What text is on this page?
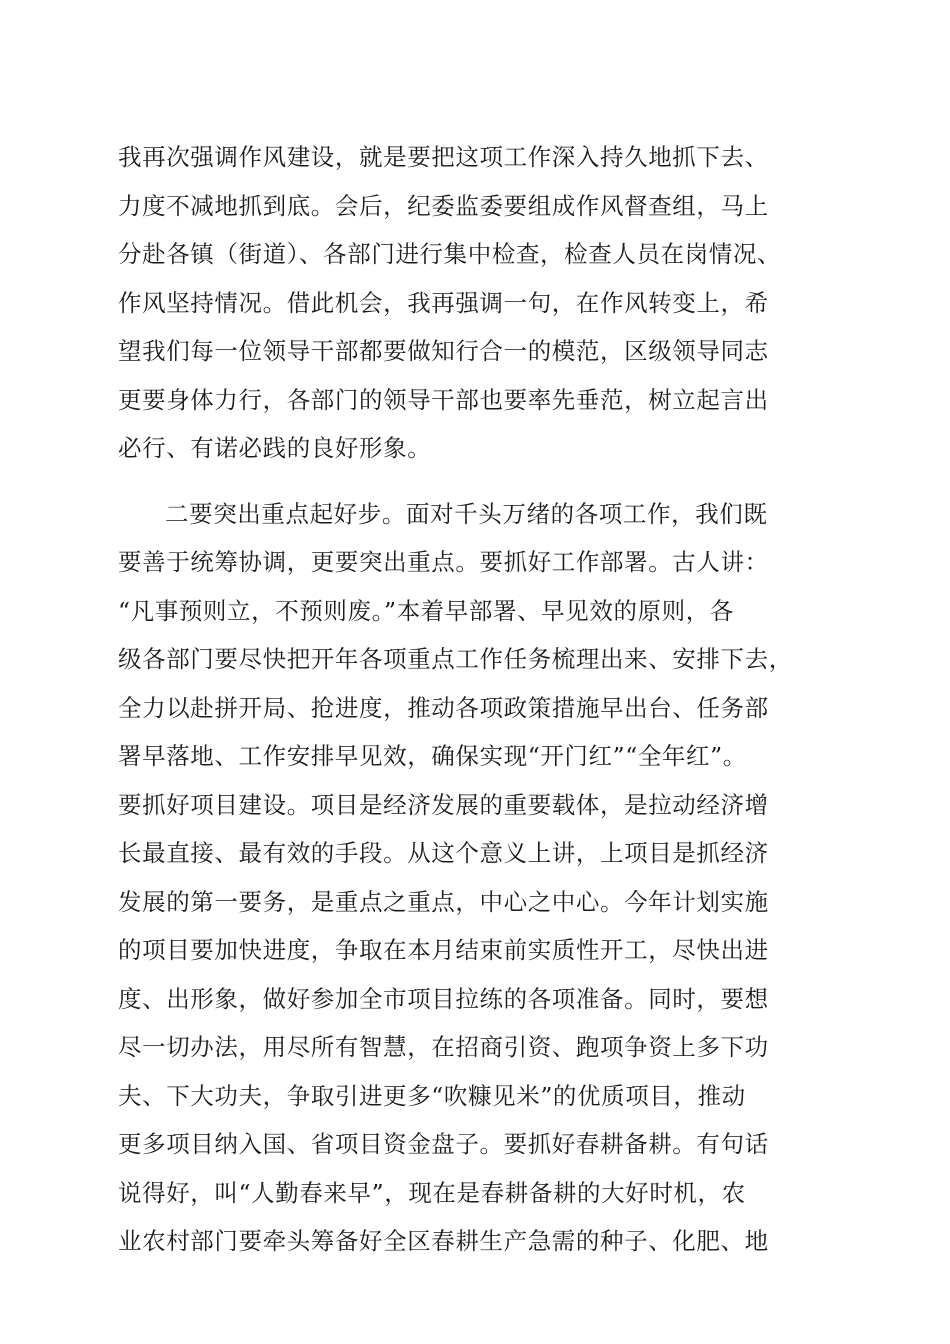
我再次强调作风建设，就是要把这项工作深入持久地抓下去、
力度不减地抓到底。会后，纪委监委要组成作风督查组，马上
分赴各镇（街道）、各部门进行集中检查，检查人员在岗情况、
作风坚持情况。借此机会，我再强调一句，在作风转变上，希
望我们每一位领导干部都要做知行合一的模范，区级领导同志
更要身体力行，各部门的领导干部也要率先垂范，树立起言出
必行、有诺必践的良好形象。
二要突出重点起好步。面对千头万绪的各项工作，我们既
要善于统筹协调，更要突出重点。要抓好工作部署。古人讲：
“凡事预则立，不预则废。”本着早部署、早见效的原则，各
级各部门要尽快把开年各项重点工作任务梳理出来、安排下去，
全力以赴拼开局、抢进度，推动各项政策措施早出台、任务部
署早落地、工作安排早见效，确保实现“开门红”“全年红”。
要抓好项目建设。项目是经济发展的重要载体，是拉动经济增
长最直接、最有效的手段。从这个意义上讲，上项目是抓经济
发展的第一要务，是重点之重点，中心之中心。今年计划实施
的项目要加快进度，争取在本月结束前实质性开工，尽快出进
度、出形象，做好参加全市项目拉练的各项准备。同时，要想
尽一切办法，用尽所有智慧，在招商引资、跑项争资上多下功
夫、下大功夫，争取引进更多“吹糠见米”的优质项目，推动
更多项目纳入国、省项目资金盘子。要抓好春耕备耕。有句话
说得好，叫“人勤春来早”，现在是春耕备耕的大好时机，农
业农村部门要牵头筹备好全区春耕生产急需的种子、化肥、地
